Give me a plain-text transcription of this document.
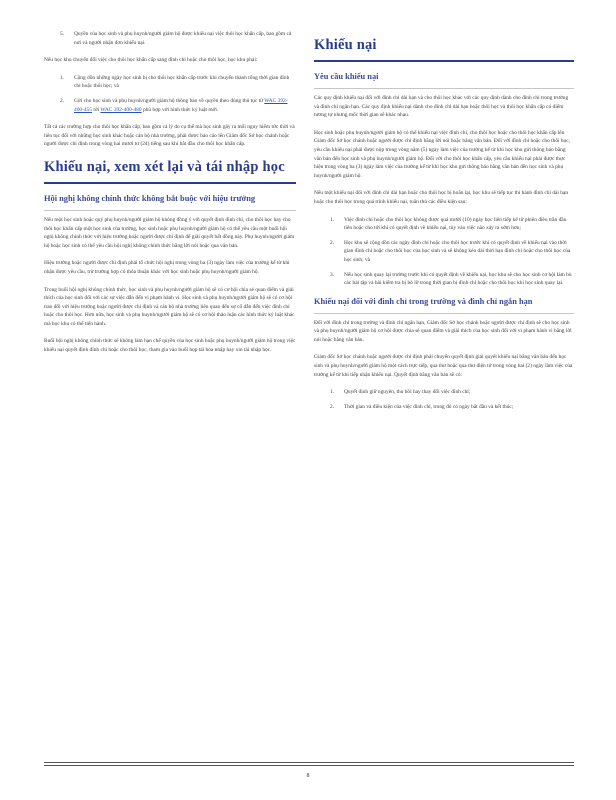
5.	Quyền của học sinh và phụ huynh/người giám hộ được khiếu nại việc thôi học khẩn cấp, bao gồm cả nơi và người nhận đơn khiếu nại.

Nếu học khu chuyển đổi việc cho thôi học khẩn cấp sang đình chỉ hoặc cho thôi học, học khu phải:

1.	Cộng dồn những ngày học sinh bị cho thôi học khẩn cấp trước khi chuyển thành tổng thời gian đình chỉ hoặc thôi học; và
2.	Gửi cho học sinh và phụ huynh/người giám hộ thông báo về quyền theo đúng thủ tục từ WAC 392-400-455 tới WAC 392-400-480 phù hợp với hình thức kỷ luật mới.

Tất cả các trường hợp cho thôi học khẩn cấp, bao gồm cả lý do cụ thể mà học sinh gây ra mối nguy hiểm tức thời và liên tục đối với những học sinh khác hoặc cán bộ nhà trường, phải được báo cáo lên Giám đốc Sở học chánh hoặc người được chỉ định trong vòng hai mươi tư (24) tiếng sau khi bắt đầu cho thôi học khẩn cấp.

Khiếu nại, xem xét lại và tái nhập học
Hội nghị không chính thức không bắt buộc với hiệu trưởng

Nếu một học sinh hoặc quý phụ huynh/người giám hộ không đồng ý với quyết định đình chỉ, cho thôi học hay cho thôi học khẩn cấp một học sinh của trường, học sinh hoặc phụ huynh/người giám hộ có thể yêu cầu một buổi hội nghị không chính thức với hiệu trưởng hoặc người được chỉ định để giải quyết bất đồng này. Phụ huynh/người giám hộ hoặc học sinh có thể yêu cầu hội nghị không chính thức bằng lời nói hoặc qua văn bản.

Hiệu trưởng hoặc người được chỉ định phải tổ chức hội nghị trong vòng ba (3) ngày làm việc của trường kể từ khi nhận được yêu cầu, trừ trường hợp có thỏa thuận khác với học sinh hoặc phụ huynh/người giám hộ.

Trong buổi hội nghị không chính thức, học sinh và phụ huynh/người giám hộ sẽ có cơ hội chia sẻ quan điểm và giải thích của học sinh đối với các sự việc dẫn đến vi phạm hành vi. Học sinh và phụ huynh/người giám hộ sẽ có cơ hội trao đổi với hiệu trưởng hoặc người được chỉ định và cán bộ nhà trường liên quan đến sự cố dẫn đến việc đình chỉ hoặc cho thôi học. Hơn nữa, học sinh và phụ huynh/người giám hộ sẽ có cơ hội thảo luận các hình thức kỷ luật khác mà học khu có thể tiến hành.

Buổi hội nghị không chính thức sẽ không làm hạn chế quyền của học sinh hoặc phụ huynh/người giám hộ trong việc khiếu nại quyết định đình chỉ hoặc cho thôi học, tham gia vào buổi họp tái hòa nhập hay xin tái nhập học.

Khiếu nại
Yêu cầu khiếu nại

Các quy định khiếu nại đối với đình chỉ dài hạn và cho thôi học khác với các quy định dành cho đình chỉ trong trường và đình chỉ ngắn hạn. Các quy định khiếu nại dành cho đình chỉ dài hạn hoặc thôi học và thôi học khẩn cấp có điểm tương tự nhưng mốc thời gian sẽ khác nhau.

Học sinh hoặc phụ huynh/người giám hộ có thể khiếu nại việc đình chỉ, cho thôi học hoặc cho thôi học khẩn cấp lên Giám đốc Sở học chánh hoặc người được chỉ định bằng lời nói hoặc bằng văn bản. Đối với đình chỉ hoặc cho thôi học, yêu cầu khiếu nại phải được nộp trong vòng năm (5) ngày làm việc của trường kể từ khi học khu gửi thông báo bằng văn bản đến học sinh và phụ huynh/người giám hộ. Đối với cho thôi học khẩn cấp, yêu cầu khiếu nại phải được thực hiện trong vòng ba (3) ngày làm việc của trường kể từ khi học khu gửi thông báo bằng văn bản đến học sinh và phụ huynh/người giám hộ.

Nếu một khiếu nại đối với đình chỉ dài hạn hoặc cho thôi học bị hoãn lại, học khu sẽ tiếp tục thi hành đình chỉ dài hạn hoặc cho thôi học trong quá trình khiếu nại, tuân thủ các điều kiện sau:

1.	Việc đình chỉ hoặc cho thôi học không được quá mười (10) ngày học liên tiếp kể từ phiên điều trần đầu tiên hoặc cho tới khi có quyết định về khiếu nại, tùy vào việc nào xảy ra sớm hơn;
2.	Học khu sẽ cộng dồn các ngày đình chỉ hoặc cho thôi học trước khi có quyết định về khiếu nại vào thời gian đình chỉ hoặc cho thôi học của học sinh và sẽ không kéo dài thời hạn đình chỉ hoặc cho thôi học của học sinh; và
3.	Nếu học sinh quay lại trường trước khi có quyết định về khiếu nại, học khu sẽ cho học sinh cơ hội làm bù các bài tập và bài kiểm tra bị bỏ lỡ trong thời gian bị đình chỉ hoặc cho thôi học khi học sinh quay lại.
Khiếu nại đối với đình chỉ trong trường và đình chỉ ngắn hạn

Đối với đình chỉ trong trường và đình chỉ ngắn hạn, Giám đốc Sở học chánh hoặc người được chỉ định sẽ cho học sinh và phụ huynh/người giám hộ cơ hội được chia sẻ quan điểm và giải thích của học sinh đối với vi phạm hành vi bằng lời nói hoặc bằng văn bản.

Giám đốc Sở học chánh hoặc người được chỉ định phải chuyển quyết định giải quyết khiếu nại bằng văn bản đến học sinh và phụ huynh/người giám hộ một cách trực tiếp, qua thư hoặc qua thư điện tử trong vòng hai (2) ngày làm việc của trường kể từ khi tiếp nhận khiếu nại. Quyết định bằng văn bản sẽ có:

1.	Quyết định giữ nguyên, thu hồi hay thay đổi việc đình chỉ;
2.	Thời gian và điều kiện của việc đình chỉ, trong đó có ngày bắt đầu và kết thúc;
8
